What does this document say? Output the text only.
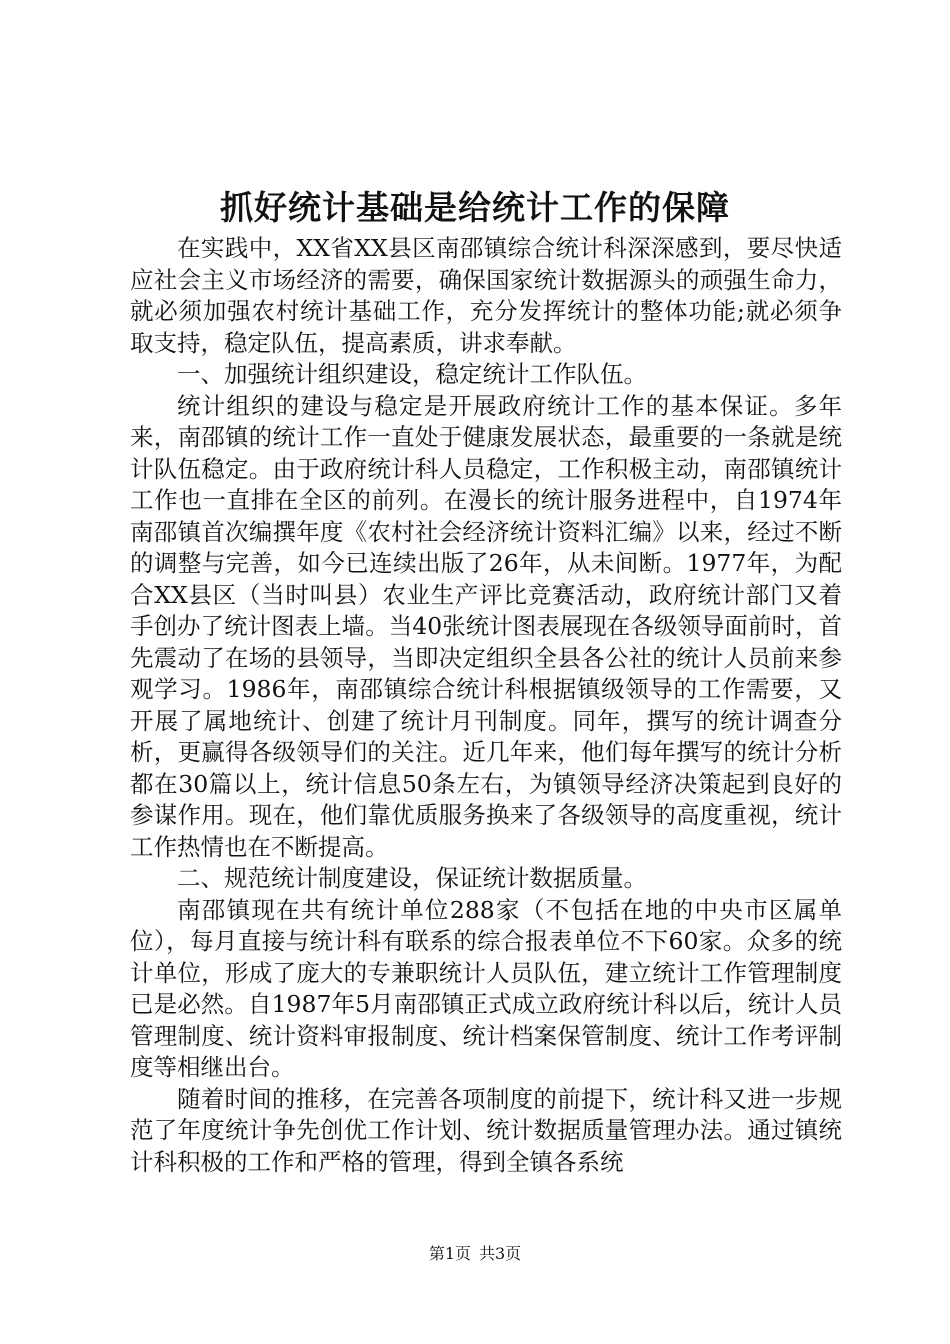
抓好统计基础是给统计工作的保障

在实践中，XX省XX县区南邵镇综合统计科深深感到，要尽快适应社会主义市场经济的需要，确保国家统计数据源头的顽强生命力，就必须加强农村统计基础工作，充分发挥统计的整体功能;就必须争取支持，稳定队伍，提高素质，讲求奉献。

一、加强统计组织建设，稳定统计工作队伍。

统计组织的建设与稳定是开展政府统计工作的基本保证。多年来，南邵镇的统计工作一直处于健康发展状态，最重要的一条就是统计队伍稳定。由于政府统计科人员稳定，工作积极主动，南邵镇统计工作也一直排在全区的前列。在漫长的统计服务进程中，自1974年南邵镇首次编撰年度《农村社会经济统计资料汇编》以来，经过不断的调整与完善，如今已连续出版了26年，从未间断。1977年，为配合XX县区（当时叫县）农业生产评比竞赛活动，政府统计部门又着手创办了统计图表上墙。当40张统计图表展现在各级领导面前时，首先震动了在场的县领导，当即决定组织全县各公社的统计人员前来参观学习。1986年，南邵镇综合统计科根据镇级领导的工作需要，又开展了属地统计、创建了统计月刊制度。同年，撰写的统计调查分析，更赢得各级领导们的关注。近几年来，他们每年撰写的统计分析都在30篇以上，统计信息50条左右，为镇领导经济决策起到良好的参谋作用。现在，他们靠优质服务换来了各级领导的高度重视，统计工作热情也在不断提高。

二、规范统计制度建设，保证统计数据质量。

南邵镇现在共有统计单位288家（不包括在地的中央市区属单位），每月直接与统计科有联系的综合报表单位不下60家。众多的统计单位，形成了庞大的专兼职统计人员队伍，建立统计工作管理制度已是必然。自1987年5月南邵镇正式成立政府统计科以后，统计人员管理制度、统计资料审报制度、统计档案保管制度、统计工作考评制度等相继出台。

随着时间的推移，在完善各项制度的前提下，统计科又进一步规范了年度统计争先创优工作计划、统计数据质量管理办法。通过镇统计科积极的工作和严格的管理，得到全镇各系统

第1页 共3页
